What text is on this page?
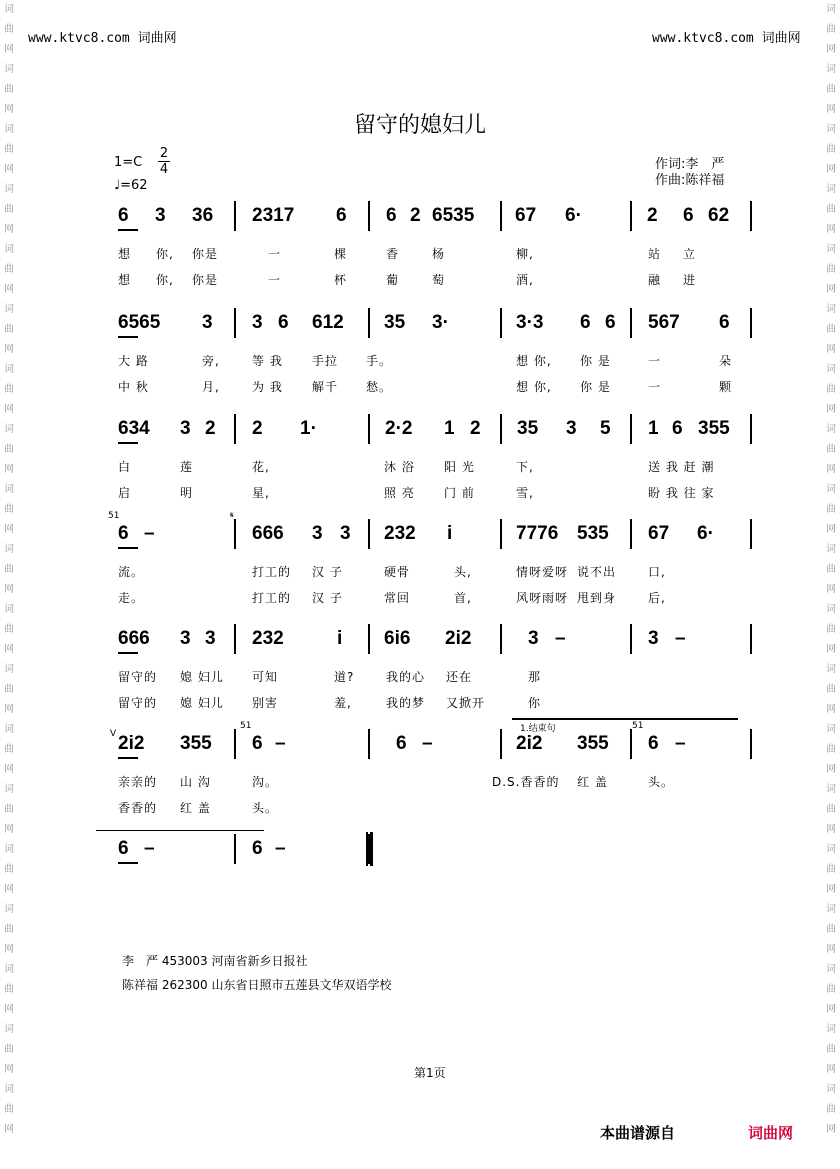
词曲网 词曲网 词曲网 词曲网 词曲网 词曲网 词曲网 词曲网 词曲网 词曲网 词曲网 词曲网 词曲网 词曲网 词曲网 词曲网 词曲网 词曲网 词曲网
词曲网 词曲网 词曲网 词曲网 词曲网 词曲网 词曲网 词曲网 词曲网 词曲网 词曲网 词曲网 词曲网 词曲网 词曲网 词曲网 词曲网 词曲网 词曲网
www.ktvc8.com 词曲网	www.ktvc8.com 词曲网
留守的媳妇儿
1=C
2
4
♩=62
作词:李　严
作曲:陈祥福
6 3 36 2317 6 6 2 6535 67 6·	2 6 62
想 你, 你是	一	棵	香	杨	柳,	站 立
想 你, 你是	一	杯	葡	萄	酒,	融 进
6565 3 3 6 612 35 3·	3·3 6 6 567 6
大 路	旁,	等 我 手拉 手。	想 你, 你 是	一	朵
中 秋	月,	为 我 解千 愁。	想 你, 你 是	一	颗
634 3 2 2 1·	2·2 1 2 35 3 5 1 6 355
白	莲	花,	沐 浴 阳 光	下,	送 我 赶 潮
启	明	星,	照 亮 门 前	雪,	盼 我 往 家
6 –	666 3 3 232 i	7776 535 67 6·
流。	打工的 汉 子	硬骨	头,	情呀爱呀 说不出	口,
走。	打工的 汉 子	常回	首,	风呀雨呀 甩到身	后,
51	𝄋
666 3 3 232	i 6i6 2i2	3 –	3 –
留守的 媳 妇儿 可知	道?	我的心 还在	那
留守的 媳 妇儿 别害	羞,	我的梦 又掀开	你
2i2 355 6 –	6 –	2i2 355 6 –
亲亲的 山 沟	沟。	D.S.香香的 红 盖	头。
香香的 红 盖	头。
V
51	51
1.结束句
6 –	6 –
李　严 453003 河南省新乡日报社
陈祥福 262300 山东省日照市五莲县文华双语学校
第1页
本曲谱源自	词曲网
